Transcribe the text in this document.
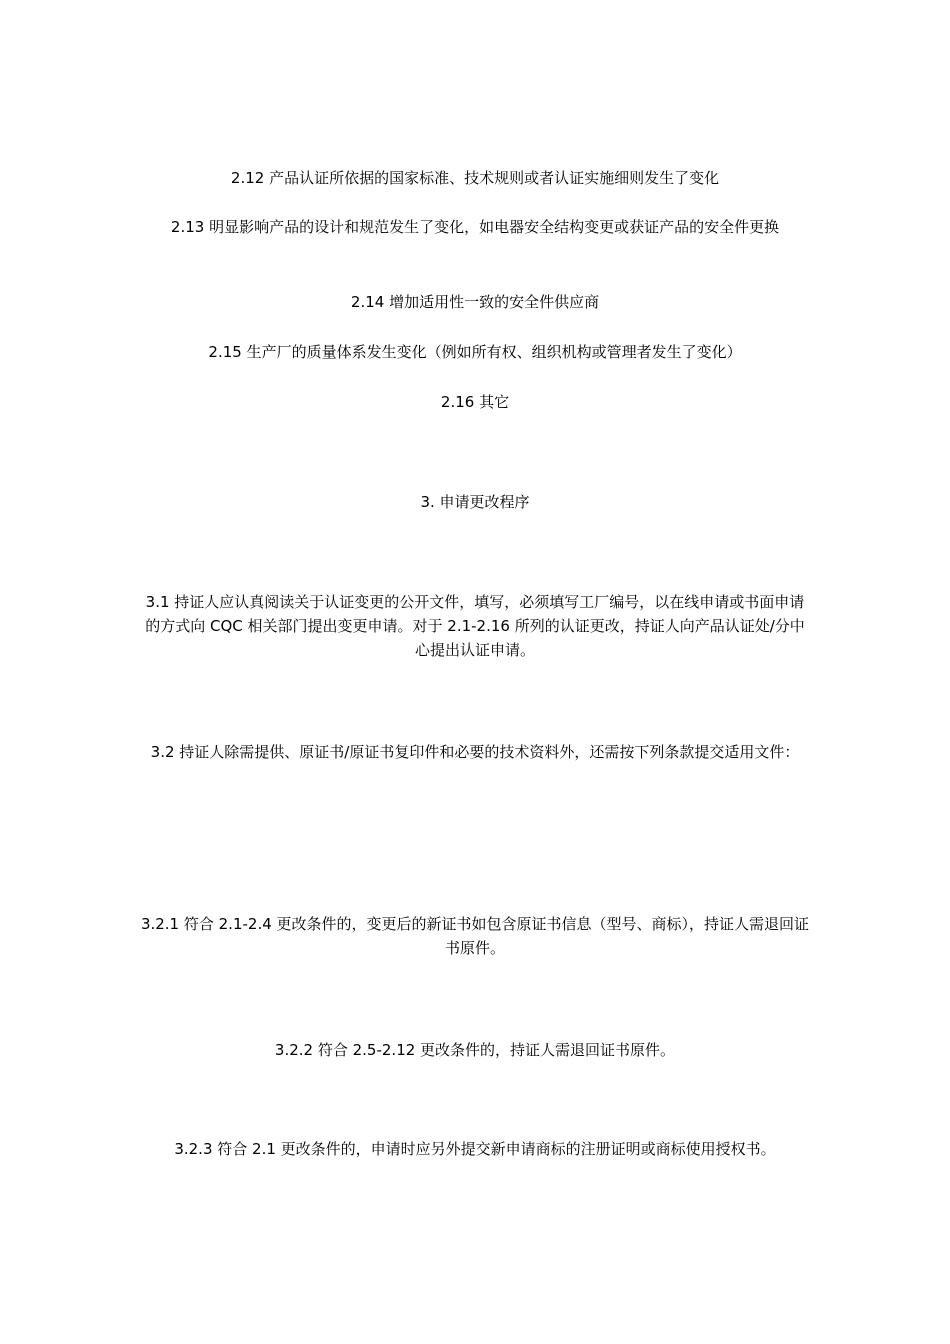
2.12 产品认证所依据的国家标准、技术规则或者认证实施细则发生了变化

2.13 明显影响产品的设计和规范发生了变化，如电器安全结构变更或获证产品的安全件更换

2.14 增加适用性一致的安全件供应商

2.15 生产厂的质量体系发生变化（例如所有权、组织机构或管理者发生了变化）

2.16 其它

3. 申请更改程序

3.1 持证人应认真阅读关于认证变更的公开文件，填写，必须填写工厂编号，以在线申请或书面申请的方式向 CQC 相关部门提出变更申请。对于 2.1-2.16 所列的认证更改，持证人向产品认证处/分中心提出认证申请。

3.2 持证人除需提供、原证书/原证书复印件和必要的技术资料外，还需按下列条款提交适用文件：

3.2.1 符合 2.1-2.4 更改条件的，变更后的新证书如包含原证书信息（型号、商标），持证人需退回证书原件。

3.2.2 符合 2.5-2.12 更改条件的，持证人需退回证书原件。

3.2.3 符合 2.1 更改条件的，申请时应另外提交新申请商标的注册证明或商标使用授权书。
